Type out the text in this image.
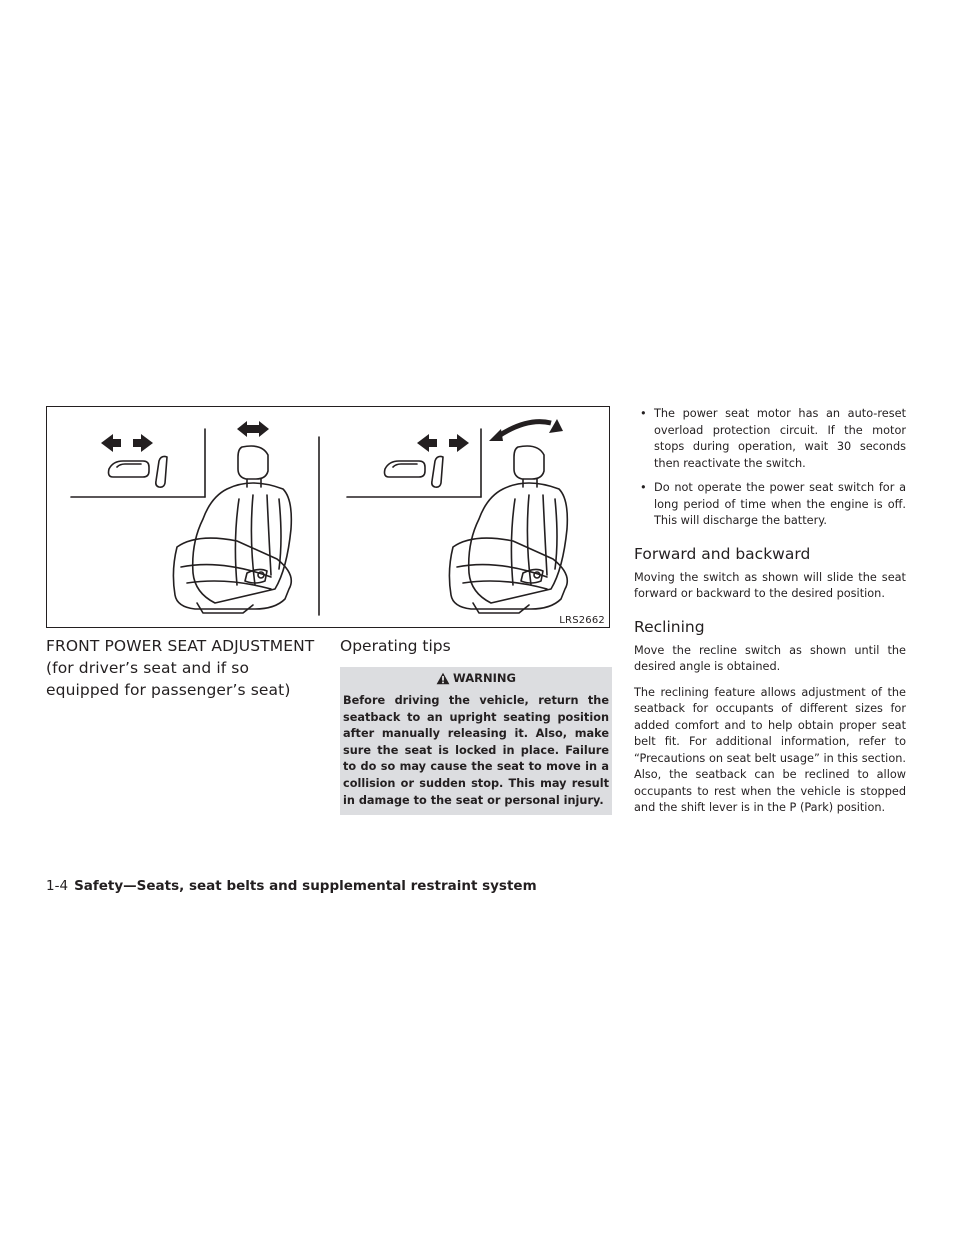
LRS2662
FRONT POWER SEAT ADJUSTMENT
(for driver’s seat and if so
equipped for passenger’s seat)
Operating tips
WARNING

Before driving the vehicle, return the seatback to an upright seating position after manually releasing it. Also, make sure the seat is locked in place. Failure to do so may cause the seat to move in a collision or sudden stop. This may result in damage to the seat or personal injury.

• The power seat motor has an auto-reset overload protection circuit. If the motor stops during operation, wait 30 seconds then reactivate the switch.
• Do not operate the power seat switch for a long period of time when the engine is off. This will discharge the battery.
Forward and backward

Moving the switch as shown will slide the seat forward or backward to the desired position.

Reclining

Move the recline switch as shown until the desired angle is obtained.

The reclining feature allows adjustment of the seatback for occupants of different sizes for added comfort and to help obtain proper seat belt fit. For additional information, refer to “Precautions on seat belt usage” in this section. Also, the seatback can be reclined to allow occupants to rest when the vehicle is stopped and the shift lever is in the P (Park) position.

1-4 Safety—Seats, seat belts and supplemental restraint system
